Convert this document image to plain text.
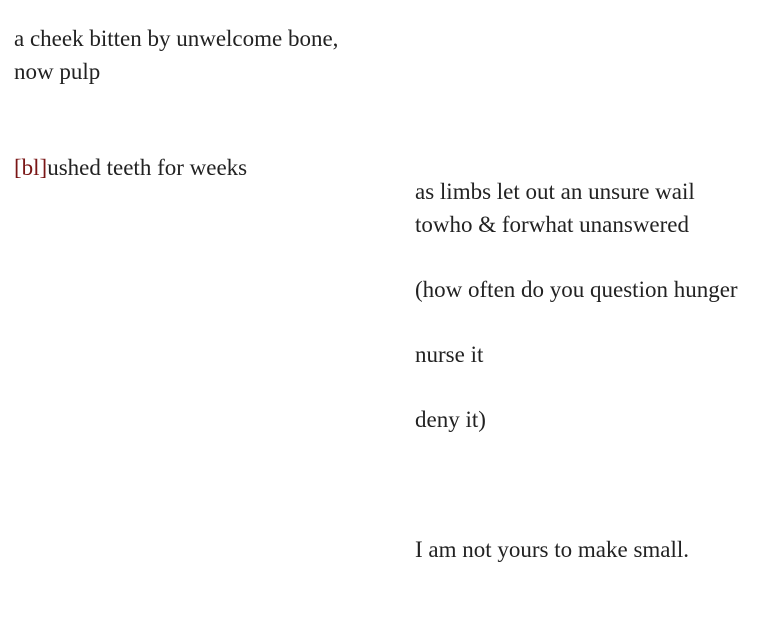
a cheek bitten by unwelcome bone,
now pulp
[bl]ushed teeth for weeks
as limbs let out an unsure wail
towho & forwhat unanswered
(how often do you question hunger
nurse it
deny it)
I am not yours to make small.
